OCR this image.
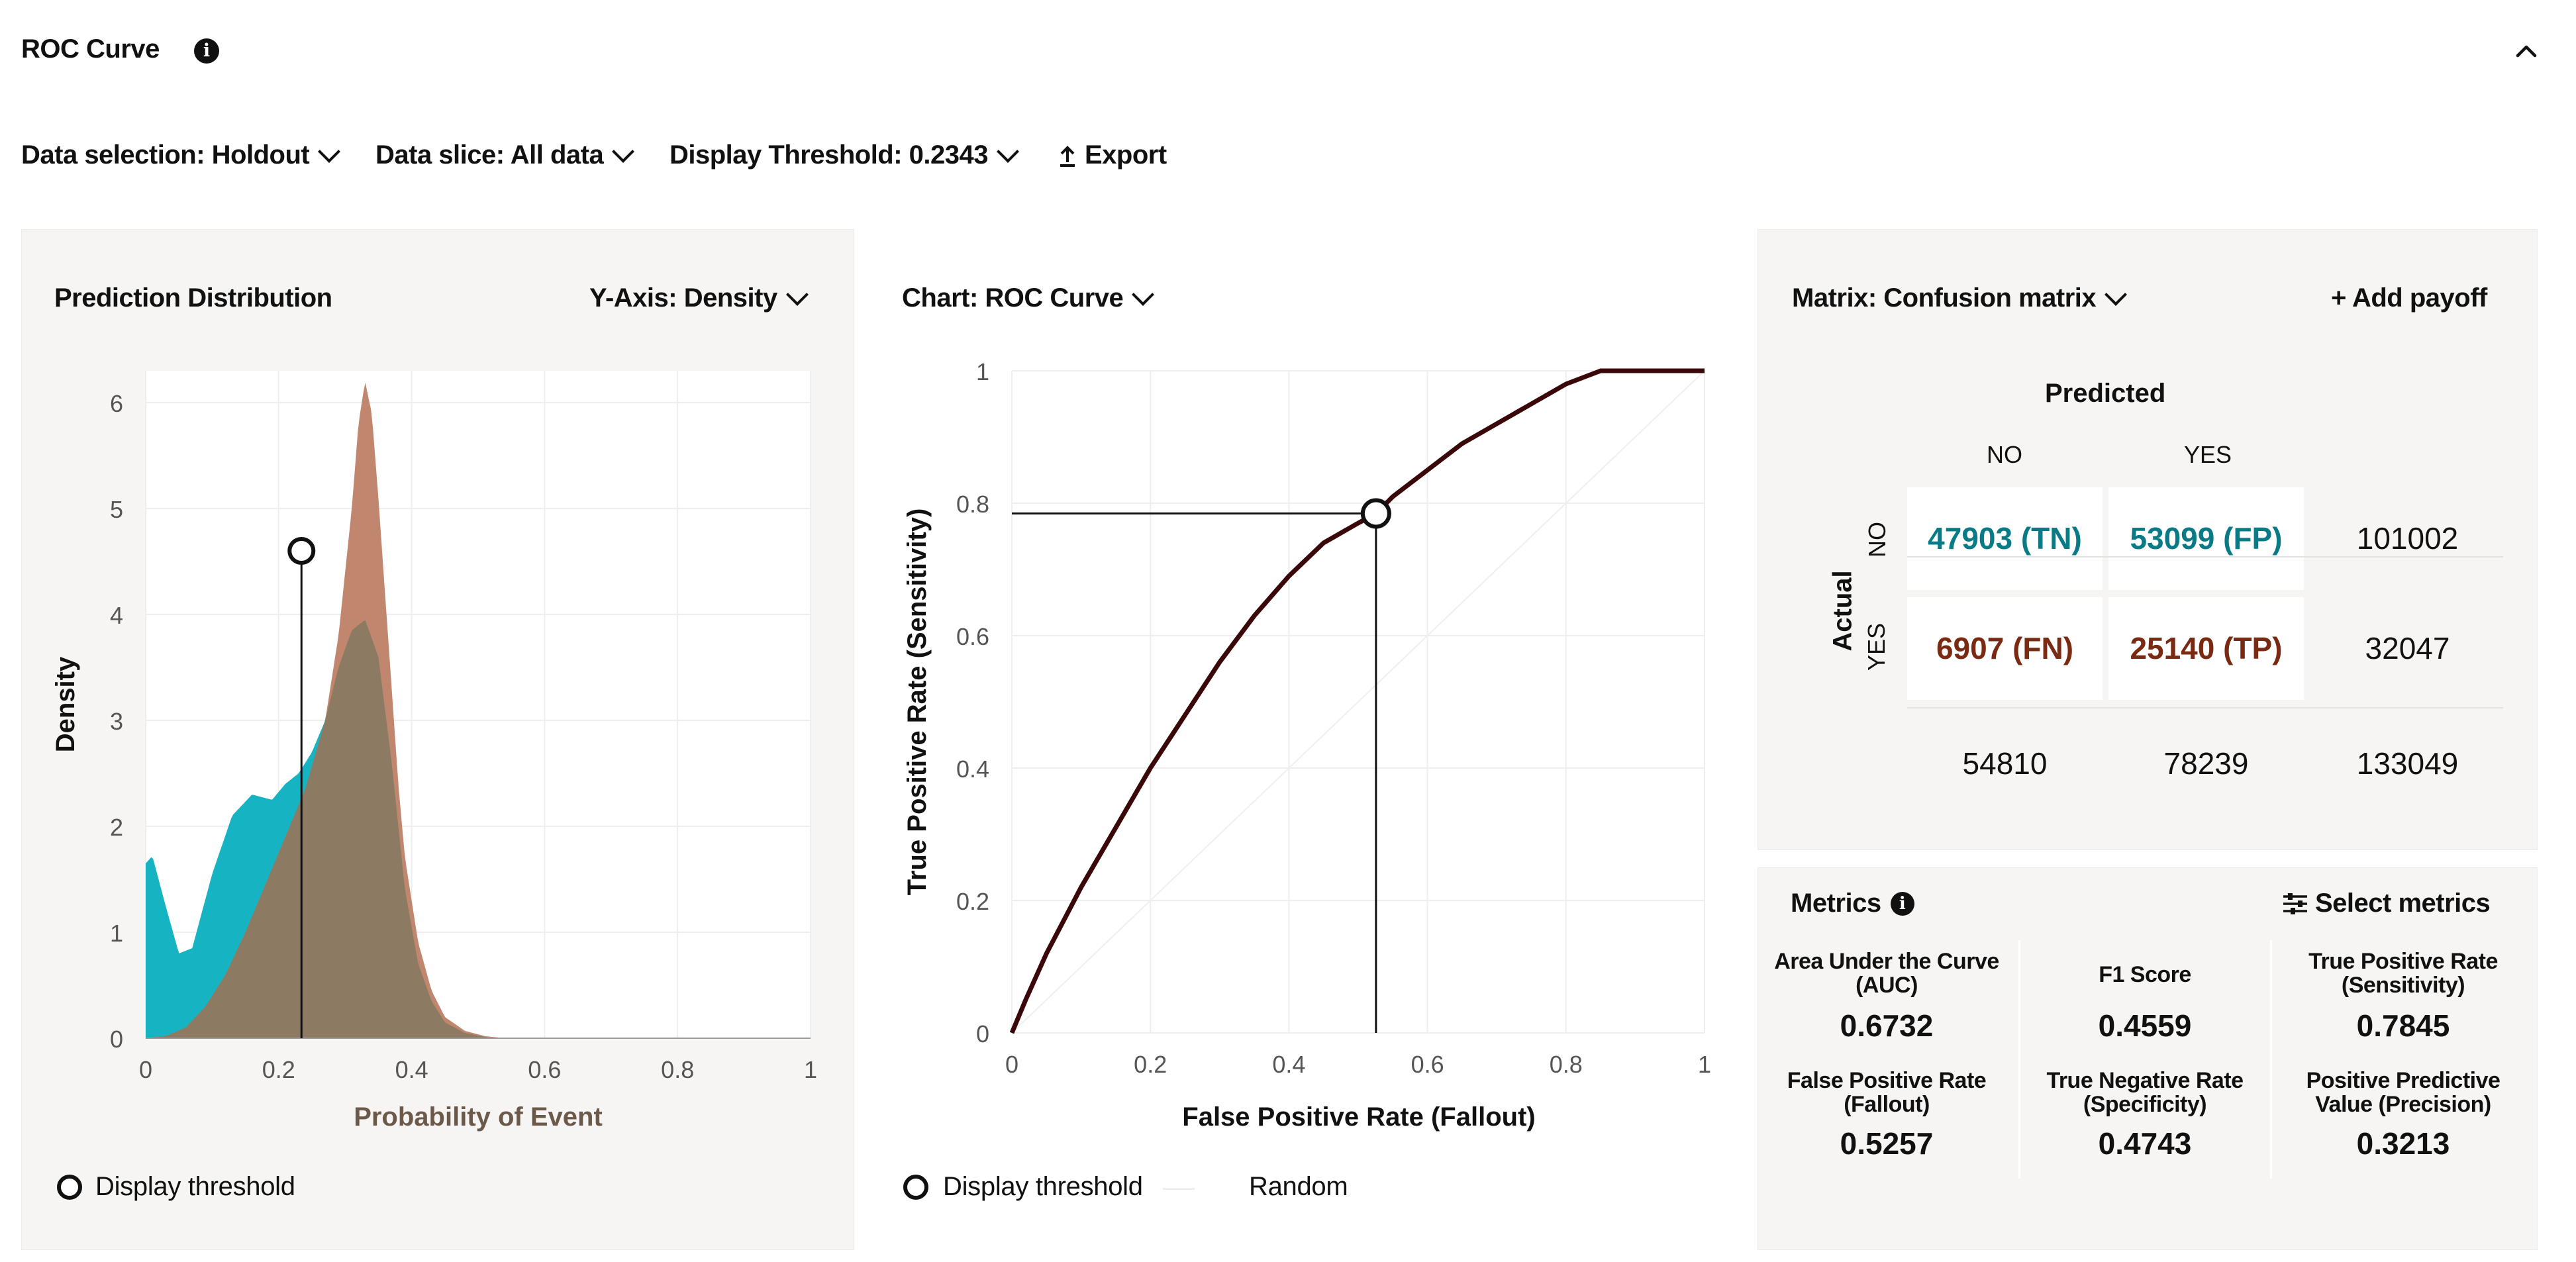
ROC Curve	i
Data selection: Holdout Data slice: All data Display Threshold: 0.2343	Export
Prediction Distribution	Y-Axis: Density
0
1
2
3
4
5
6
0	0.2	0.4	0.6	0.8	1
Probability of Event
Density
Display threshold
Chart: ROC Curve
0
0.2
0.4
0.6
0.8
1
0	0.2	0.4	0.6	0.8	1
False Positive Rate (Fallout)
True Positive Rate (Sensitivity)
Display threshold	Random
Matrix: Confusion matrix	+ Add payoff
Predicted
NO	YES
Actual
NO
YES
47903 (TN)	53099 (FP)	101002
6907 (FN)	25140 (TP)	32047
54810	78239	133049
Metrics	i	Select metrics
Area Under the Curve (AUC)
0.6732
F1 Score
0.4559
True Positive Rate (Sensitivity)
0.7845
False Positive Rate (Fallout)
0.5257
True Negative Rate (Specificity)
0.4743
Positive Predictive Value (Precision)
0.3213
